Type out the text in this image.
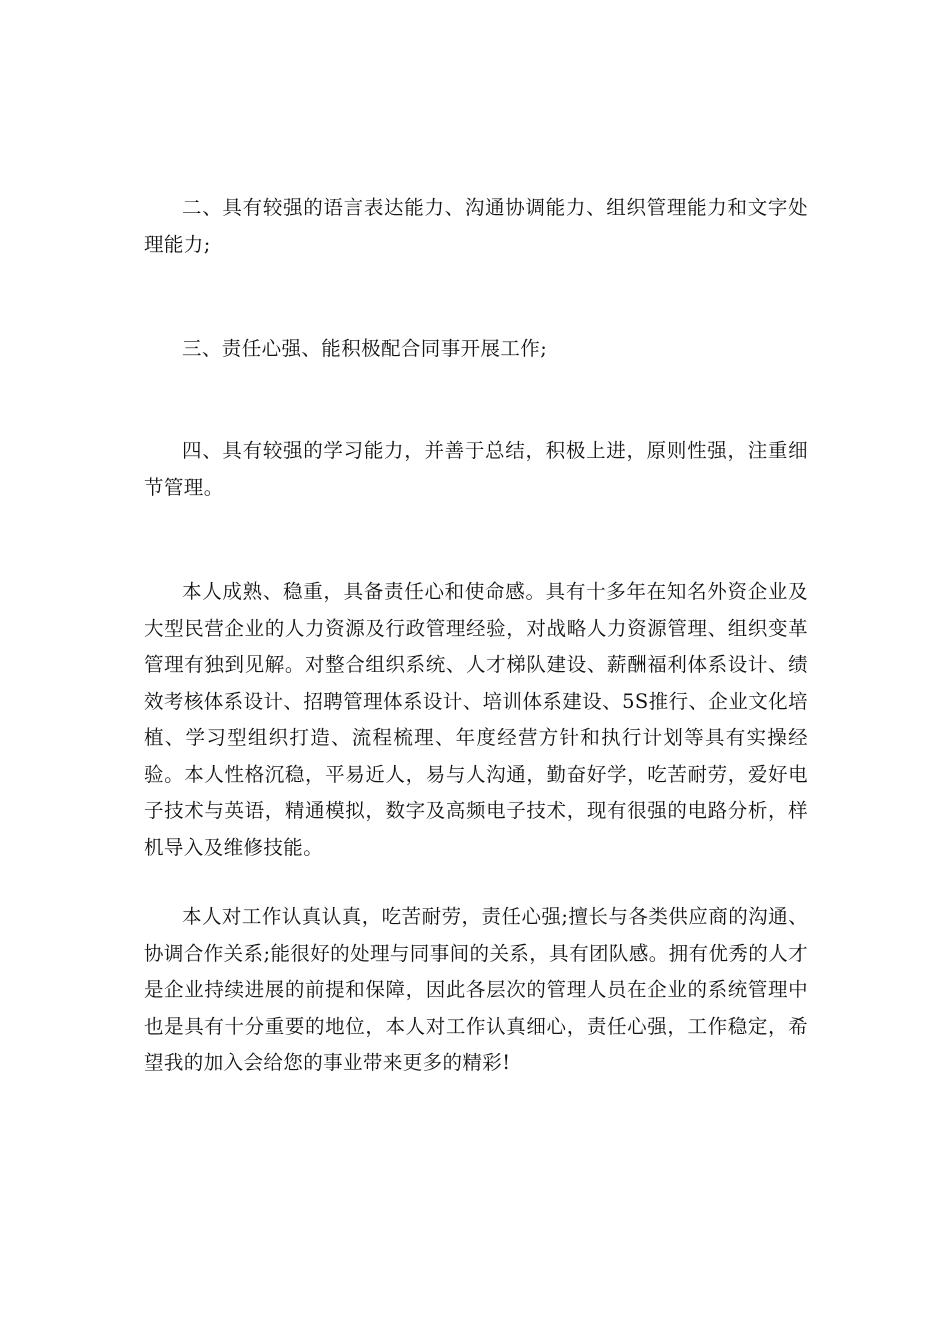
二、具有较强的语言表达能力、沟通协调能力、组织管理能力和文字处理能力;

三、责任心强、能积极配合同事开展工作;

四、具有较强的学习能力，并善于总结，积极上进，原则性强，注重细节管理。

本人成熟、稳重，具备责任心和使命感。具有十多年在知名外资企业及大型民营企业的人力资源及行政管理经验，对战略人力资源管理、组织变革管理有独到见解。对整合组织系统、人才梯队建设、薪酬福利体系设计、绩效考核体系设计、招聘管理体系设计、培训体系建设、5S推行、企业文化培植、学习型组织打造、流程梳理、年度经营方针和执行计划等具有实操经验。本人性格沉稳，平易近人，易与人沟通，勤奋好学，吃苦耐劳，爱好电子技术与英语，精通模拟，数字及高频电子技术，现有很强的电路分析，样机导入及维修技能。

本人对工作认真认真，吃苦耐劳，责任心强;擅长与各类供应商的沟通、协调合作关系;能很好的处理与同事间的关系，具有团队感。拥有优秀的人才是企业持续进展的前提和保障，因此各层次的管理人员在企业的系统管理中也是具有十分重要的地位，本人对工作认真细心，责任心强，工作稳定，希望我的加入会给您的事业带来更多的精彩!
